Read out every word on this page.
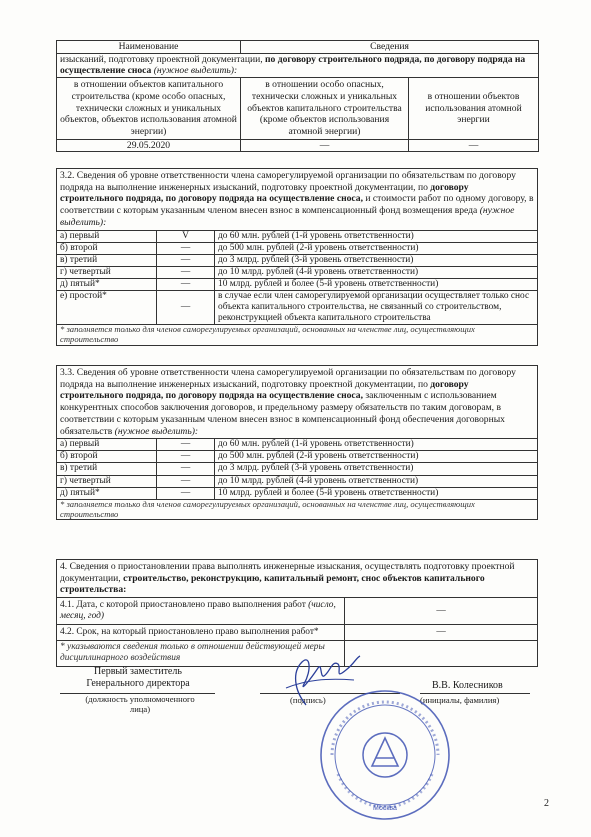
Наименование	Сведения	
изысканий, подготовку проектной документации, по договору строительного подряда, по договору подряда на осуществление сноса (нужное выделить):		
в отношении объектов капитального строительства (кроме особо опасных, технически сложных и уникальных объектов, объектов использования атомной энергии)	в отношении особо опасных, технически сложных и уникальных объектов капитального строительства (кроме объектов использования атомной энергии)	в отношении объектов использования атомной энергии
29.05.2020	—	—
3.2. Сведения об уровне ответственности члена саморегулируемой организации по обязательствам по договору подряда на выполнение инженерных изысканий, подготовку проектной документации, по договору строительного подряда, по договору подряда на осуществление сноса, и стоимости работ по одному договору, в соответствии с которым указанным членом внесен взнос в компенсационный фонд возмещения вреда (нужное выделить):
а) первый	V	до 60 млн. рублей (1-й уровень ответственности)
б) второй	—	до 500 млн. рублей (2-й уровень ответственности)
в) третий	—	до 3 млрд. рублей (3-й уровень ответственности)
г) четвертый	—	до 10 млрд. рублей (4-й уровень ответственности)
д) пятый*	—	10 млрд. рублей и более (5-й уровень ответственности)
е) простой*	—	в случае если член саморегулируемой организации осуществляет только снос объекта капитального строительства, не связанный со строительством, реконструкцией объекта капитального строительства
* заполняется только для членов саморегулируемых организаций, основанных на членстве лиц, осуществляющих строительство
3.3. Сведения об уровне ответственности члена саморегулируемой организации по обязательствам по договору подряда на выполнение инженерных изысканий, подготовку проектной документации, по договору строительного подряда, по договору подряда на осуществление сноса, заключенным с использованием конкурентных способов заключения договоров, и предельному размеру обязательств по таким договорам, в соответствии с которым указанным членом внесен взнос в компенсационный фонд обеспечения договорных обязательств (нужное выделить):
а) первый	—	до 60 млн. рублей (1-й уровень ответственности)
б) второй	—	до 500 млн. рублей (2-й уровень ответственности)
в) третий	—	до 3 млрд. рублей (3-й уровень ответственности)
г) четвертый	—	до 10 млрд. рублей (4-й уровень ответственности)
д) пятый*	—	10 млрд. рублей и более (5-й уровень ответственности)
* заполняется только для членов саморегулируемых организаций, основанных на членстве лиц, осуществляющих строительство
4. Сведения о приостановлении права выполнять инженерные изыскания, осуществлять подготовку проектной документации, строительство, реконструкцию, капитальный ремонт, снос объектов капитального строительства:
4.1. Дата, с которой приостановлено право выполнения работ (число, месяц, год)	—
4.2. Срок, на который приостановлено право выполнения работ*	—
* указываются сведения только в отношении действующей меры дисциплинарного воздействия	
Первый заместитель
Генерального директора
(должность уполномоченного лица)
(подпись)
В.В. Колесников
(инициалы, фамилия)
Москва	2
